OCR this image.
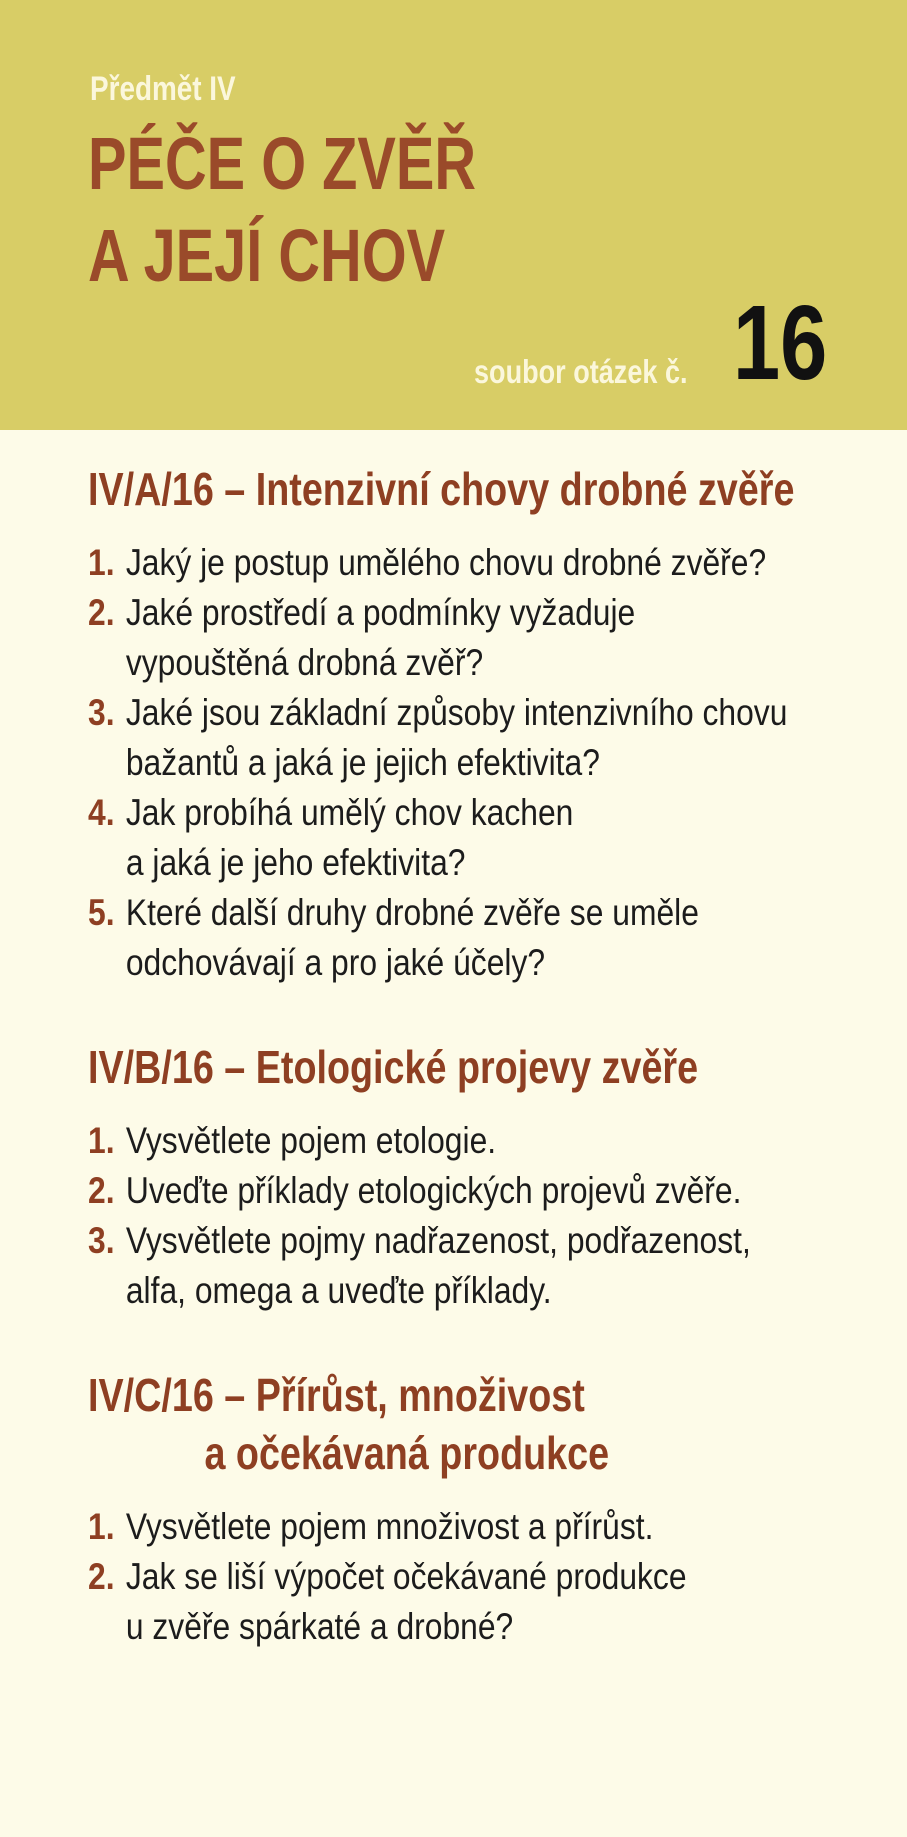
Předmět IV
PÉČE O ZVĚŘ
A JEJÍ CHOV
soubor otázek č. 16
IV/A/16 – Intenzivní chovy drobné zvěře
1. Jaký je postup umělého chovu drobné zvěře?
2. Jaké prostředí a podmínky vyžaduje
vypouštěná drobná zvěř?
3. Jaké jsou základní způsoby intenzivního chovu
bažantů a jaká je jejich efektivita?
4. Jak probíhá umělý chov kachen
a jaká je jeho efektivita?
5. Které další druhy drobné zvěře se uměle
odchovávají a pro jaké účely?
IV/B/16 – Etologické projevy zvěře
1. Vysvětlete pojem etologie.
2. Uveďte příklady etologických projevů zvěře.
3. Vysvětlete pojmy nadřazenost, podřazenost,
alfa, omega a uveďte příklady.
IV/C/16 – Přírůst, množivost
a očekávaná produkce
1. Vysvětlete pojem množivost a přírůst.
2. Jak se liší výpočet očekávané produkce
u zvěře spárkaté a drobné?
